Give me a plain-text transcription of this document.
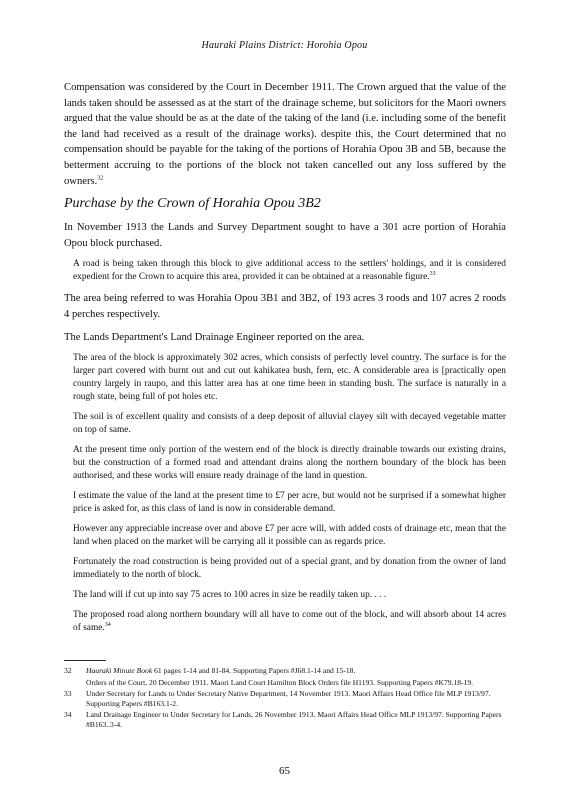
Hauraki Plains District: Horohia Opou

Compensation was considered by the Court in December 1911. The Crown argued that the value of the lands taken should be assessed as at the start of the drainage scheme, but solicitors for the Maori owners argued that the value should be as at the date of the taking of the land (i.e. including some of the benefit the land had received as a result of the drainage works). despite this, the Court determined that no compensation should be payable for the taking of the portions of Horahia Opou 3B and 5B, because the betterment accruing to the portions of the block not taken cancelled out any loss suffered by the owners.$^{32}$

Purchase by the Crown of Horahia Opou 3B2

In November 1913 the Lands and Survey Department sought to have a 301 acre portion of Horahia Opou block purchased.

A road is being taken through this block to give additional access to the settlers' holdings, and it is considered expedient for the Crown to acquire this area, provided it can be obtained at a reasonable figure.$^{33}$

The area being referred to was Horahia Opou 3B1 and 3B2, of 193 acres 3 roods and 107 acres 2 roods 4 perches respectively.

The Lands Department's Land Drainage Engineer reported on the area.

The area of the block is approximately 302 acres, which consists of perfectly level country. The surface is for the larger part covered with burnt out and cut out kahikatea bush, fern, etc. A considerable area is [practically open country largely in raupo, and this latter area has at one time been in standing bush. The surface is naturally in a rough state, being full of pot holes etc.

The soil is of excellent quality and consists of a deep deposit of alluvial clayey silt with decayed vegetable matter on top of same.

At the present time only portion of the western end of the block is directly drainable towards our existing drains, but the construction of a formed road and attendant drains along the northern boundary of the block has been authorised, and these works will ensure ready drainage of the land in question.

I estimate the value of the land at the present time to £7 per acre, but would not be surprised if a somewhat higher price is asked for, as this class of land is now in considerable demand.

However any appreciable increase over and above £7 per acre will, with added costs of drainage etc, mean that the land when placed on the market will be carrying all it possible can as regards price.

Fortunately the road construction is being provided out of a special grant, and by donation from the owner of land immediately to the north of block.

The land will if cut up into say 75 acres to 100 acres in size be readily taken up. . . .

The proposed road along northern boundary will all have to come out of the block, and will absorb about 14 acres of same.$^{34}$

32	Hauraki Minute Book 61 pages 1-14 and 81-84. Supporting Papers #J68.1-14 and 15-18.
Orders of the Court, 20 December 1911. Maori Land Court Hamilton Block Orders file H1193. Supporting Papers #K79.18-19.
33	Under Secretary for Lands to Under Secretary Native Department, 14 November 1913. Maori Affairs Head Office file MLP 1913/97. Supporting Papers #B163.1-2.
34	Land Drainage Engineer to Under Secretary for Lands, 26 November 1913. Maori Affairs Head Office MLP 1913/97. Supporting Papers #B163..3-4.
65
